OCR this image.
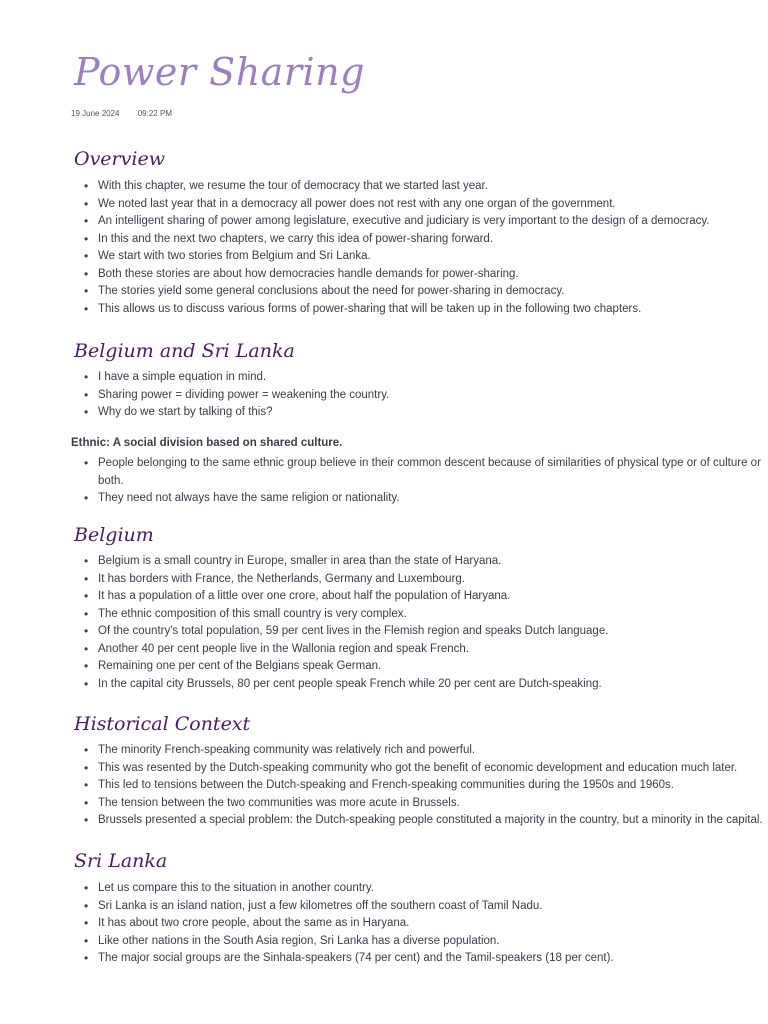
Power Sharing
19 June 2024 09:22 PM
Overview
• With this chapter, we resume the tour of democracy that we started last year.
• We noted last year that in a democracy all power does not rest with any one organ of the government.
• An intelligent sharing of power among legislature, executive and judiciary is very important to the design of a democracy.
• In this and the next two chapters, we carry this idea of power-sharing forward.
• We start with two stories from Belgium and Sri Lanka.
• Both these stories are about how democracies handle demands for power-sharing.
• The stories yield some general conclusions about the need for power-sharing in democracy.
• This allows us to discuss various forms of power-sharing that will be taken up in the following two chapters.
Belgium and Sri Lanka
• I have a simple equation in mind.
• Sharing power = dividing power = weakening the country.
• Why do we start by talking of this?
Ethnic: A social division based on shared culture.
• People belonging to the same ethnic group believe in their common descent because of similarities of physical type or of culture or both.
• They need not always have the same religion or nationality.
Belgium
• Belgium is a small country in Europe, smaller in area than the state of Haryana.
• It has borders with France, the Netherlands, Germany and Luxembourg.
• It has a population of a little over one crore, about half the population of Haryana.
• The ethnic composition of this small country is very complex.
• Of the country's total population, 59 per cent lives in the Flemish region and speaks Dutch language.
• Another 40 per cent people live in the Wallonia region and speak French.
• Remaining one per cent of the Belgians speak German.
• In the capital city Brussels, 80 per cent people speak French while 20 per cent are Dutch-speaking.
Historical Context
• The minority French-speaking community was relatively rich and powerful.
• This was resented by the Dutch-speaking community who got the benefit of economic development and education much later.
• This led to tensions between the Dutch-speaking and French-speaking communities during the 1950s and 1960s.
• The tension between the two communities was more acute in Brussels.
• Brussels presented a special problem: the Dutch-speaking people constituted a majority in the country, but a minority in the capital.
Sri Lanka
• Let us compare this to the situation in another country.
• Sri Lanka is an island nation, just a few kilometres off the southern coast of Tamil Nadu.
• It has about two crore people, about the same as in Haryana.
• Like other nations in the South Asia region, Sri Lanka has a diverse population.
• The major social groups are the Sinhala-speakers (74 per cent) and the Tamil-speakers (18 per cent).
